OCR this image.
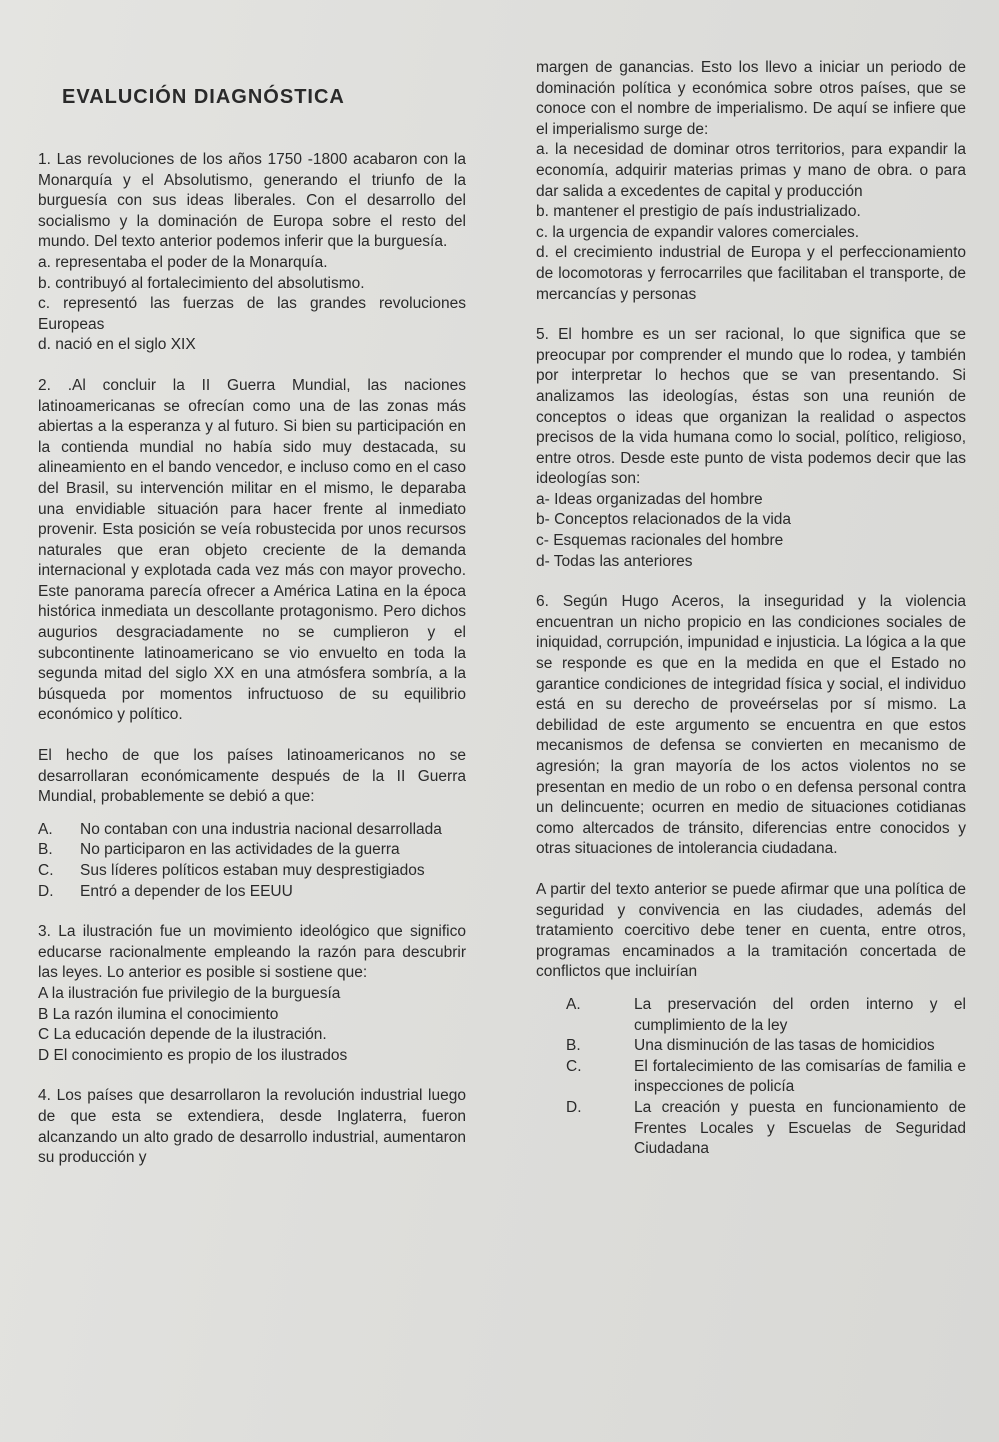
EVALUCIÓN DIAGNÓSTICA

1. Las revoluciones de los años 1750 -1800 acabaron con la Monarquía y el Absolutismo, generando el triunfo de la burguesía con sus ideas liberales. Con el desarrollo del socialismo y la dominación de Europa sobre el resto del mundo. Del texto anterior podemos inferir que la burguesía.

a. representaba el poder de la Monarquía.

b. contribuyó al fortalecimiento del absolutismo.

c. representó las fuerzas de las grandes revoluciones Europeas

d. nació en el siglo XIX

2. .Al concluir la II Guerra Mundial, las naciones latinoamericanas se ofrecían como una de las zonas más abiertas a la esperanza y al futuro. Si bien su participación en la contienda mundial no había sido muy destacada, su alineamiento en el bando vencedor, e incluso como en el caso del Brasil, su intervención militar en el mismo, le deparaba una envidiable situación para hacer frente al inmediato provenir. Esta posición se veía robustecida por unos recursos naturales que eran objeto creciente de la demanda internacional y explotada cada vez más con mayor provecho. Este panorama parecía ofrecer a América Latina en la época histórica inmediata un descollante protagonismo. Pero dichos augurios desgraciadamente no se cumplieron y el subcontinente latinoamericano se vio envuelto en toda la segunda mitad del siglo XX en una atmósfera sombría, a la búsqueda por momentos infructuoso de su equilibrio económico y político.

El hecho de que los países latinoamericanos no se desarrollaran económicamente después de la II Guerra Mundial, probablemente se debió a que:

A.	No contaban con una industria nacional desarrollada
B.	No participaron en las actividades de la guerra
C.	Sus líderes políticos estaban muy desprestigiados
D.	Entró a depender de los EEUU

3. La ilustración fue un movimiento ideológico que significo educarse racionalmente empleando la razón para descubrir las leyes. Lo anterior es posible si sostiene que:

A la ilustración fue privilegio de la burguesía

B La razón ilumina el conocimiento

C La educación depende de la ilustración.

D El conocimiento es propio de los ilustrados

4. Los países que desarrollaron la revolución industrial luego de que esta se extendiera, desde Inglaterra, fueron alcanzando un alto grado de desarrollo industrial, aumentaron su producción y

margen de ganancias. Esto los llevo a iniciar un periodo de dominación política y económica sobre otros países, que se conoce con el nombre de imperialismo. De aquí se infiere que el imperialismo surge de:

a. la necesidad de dominar otros territorios, para expandir la economía, adquirir materias primas y mano de obra. o para dar salida a excedentes de capital y producción

b. mantener el prestigio de país industrializado.

c. la urgencia de expandir valores comerciales.

d. el crecimiento industrial de Europa y el perfeccionamiento de locomotoras y ferrocarriles que facilitaban el transporte, de mercancías y personas

5. El hombre es un ser racional, lo que significa que se preocupar por comprender el mundo que lo rodea, y también por interpretar lo hechos que se van presentando. Si analizamos las ideologías, éstas son una reunión de conceptos o ideas que organizan la realidad o aspectos precisos de la vida humana como lo social, político, religioso, entre otros. Desde este punto de vista podemos decir que las ideologías son:

a- Ideas organizadas del hombre

b- Conceptos relacionados de la vida

c- Esquemas racionales del hombre

d- Todas las anteriores

6. Según Hugo Aceros, la inseguridad y la violencia encuentran un nicho propicio en las condiciones sociales de iniquidad, corrupción, impunidad e injusticia. La lógica a la que se responde es que en la medida en que el Estado no garantice condiciones de integridad física y social, el individuo está en su derecho de proveérselas por sí mismo. La debilidad de este argumento se encuentra en que estos mecanismos de defensa se convierten en mecanismo de agresión; la gran mayoría de los actos violentos no se presentan en medio de un robo o en defensa personal contra un delincuente; ocurren en medio de situaciones cotidianas como altercados de tránsito, diferencias entre conocidos y otras situaciones de intolerancia ciudadana.

A partir del texto anterior se puede afirmar que una política de seguridad y convivencia en las ciudades, además del tratamiento coercitivo debe tener en cuenta, entre otros, programas encaminados a la tramitación concertada de conflictos que incluirían

A.	La preservación del orden interno y el cumplimiento de la ley
B.	Una disminución de las tasas de homicidios
C.	El fortalecimiento de las comisarías de familia e inspecciones de policía
D.	La creación y puesta en funcionamiento de Frentes Locales y Escuelas de Seguridad Ciudadana
